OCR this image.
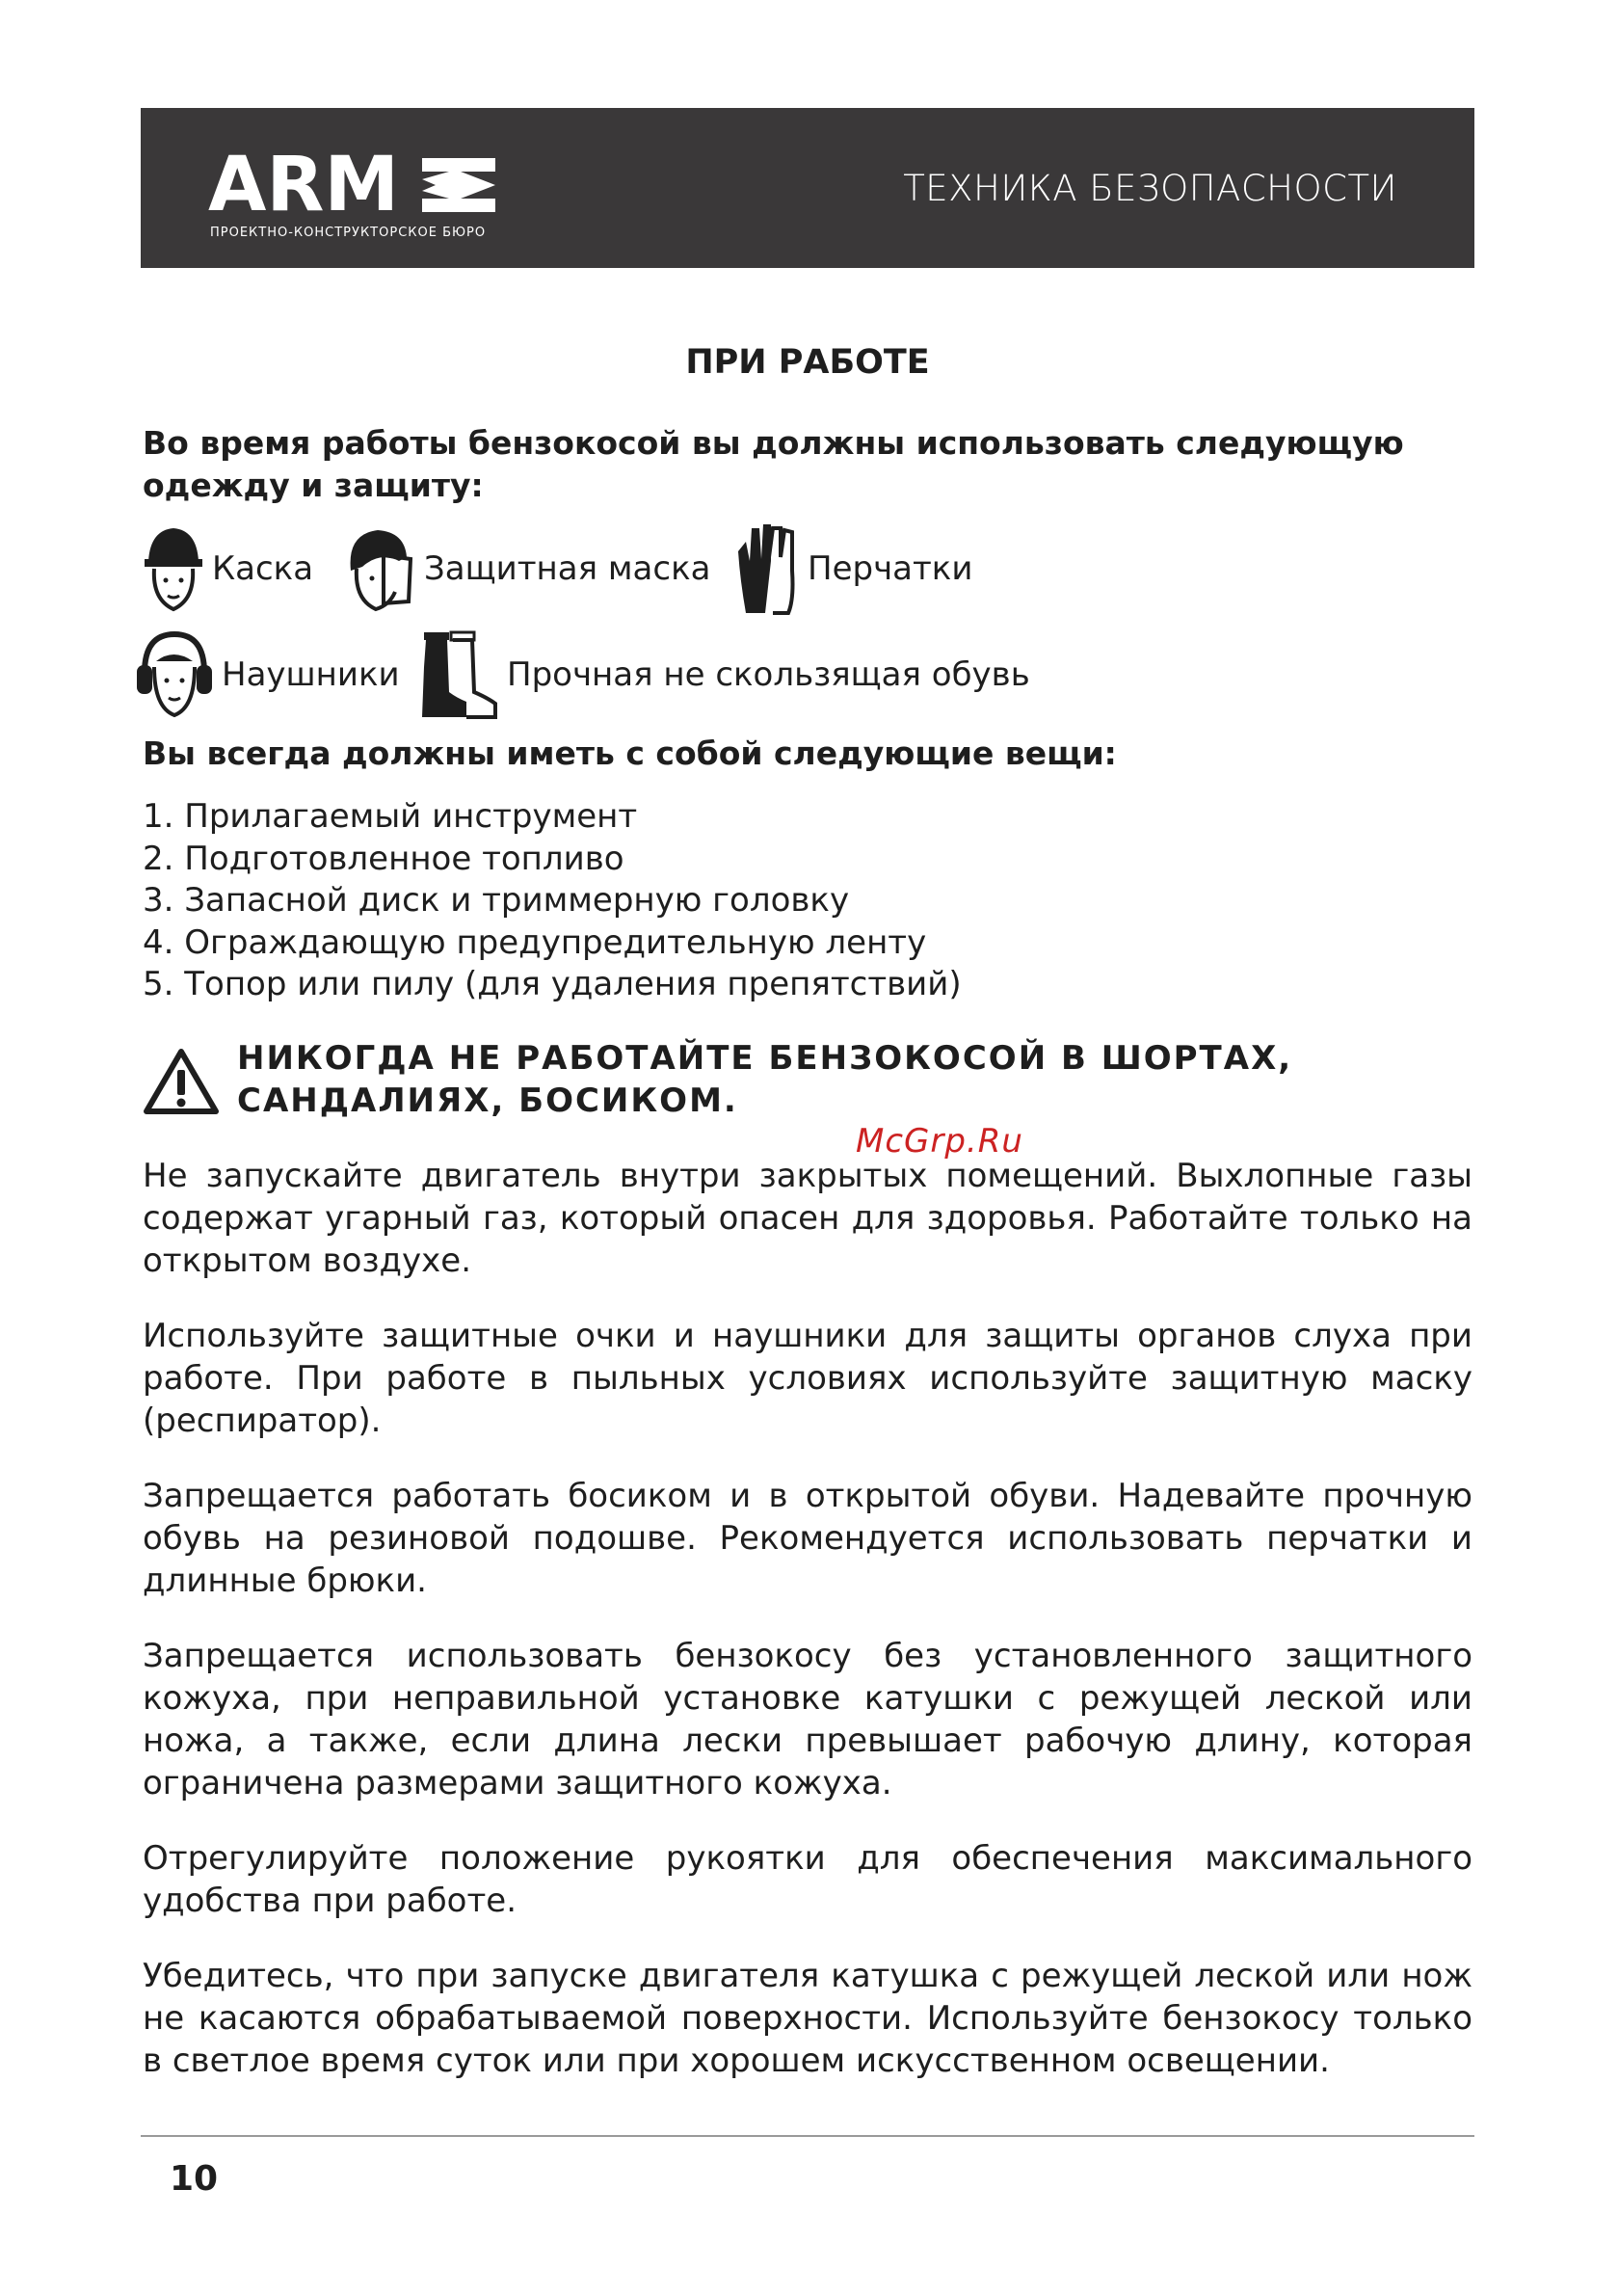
ARM
ПРОЕКТНО-КОНСТРУКТОРСКОЕ БЮРО
ТЕХНИКА БЕЗОПАСНОСТИ
ПРИ РАБОТЕ

Во время работы бензокосой вы должны использовать следующую одежду и защиту:

Каска	Защитная маска	Перчатки
Наушники	Прочная не скользящая обувь

Вы всегда должны иметь с собой следующие вещи:

1. Прилагаемый инструмент
2. Подготовленное топливо
3. Запасной диск и триммерную головку
4. Ограждающую предупредительную ленту
5. Топор или пилу (для удаления препятствий)

НИКОГДА НЕ РАБОТАЙТЕ БЕНЗОКОСОЙ В ШОРТАХ, САНДАЛИЯХ, БОСИКОМ.

McGrp.Ru

Не запускайте двигатель внутри закрытых помещений. Выхлопные газы содержат угарный газ, который опасен для здоровья. Работайте только на открытом воздухе.

Используйте защитные очки и наушники для защиты органов слуха при работе. При работе в пыльных условиях используйте защитную маску (респиратор).

Запрещается работать босиком и в открытой обуви. Надевайте прочную обувь на резиновой подошве. Рекомендуется использовать перчатки и длинные брюки.

Запрещается использовать бензокосу без установленного защитного кожуха, при неправильной установке катушки с режущей леской или ножа, а также, если длина лески превышает рабочую длину, которая ограничена размерами защитного кожуха.

Отрегулируйте положение рукоятки для обеспечения максимального удобства при работе.

Убедитесь, что при запуске двигателя катушка с режущей леской или нож не касаются обрабатываемой поверхности. Используйте бензокосу только в светлое время суток или при хорошем искусственном освещении.

10
